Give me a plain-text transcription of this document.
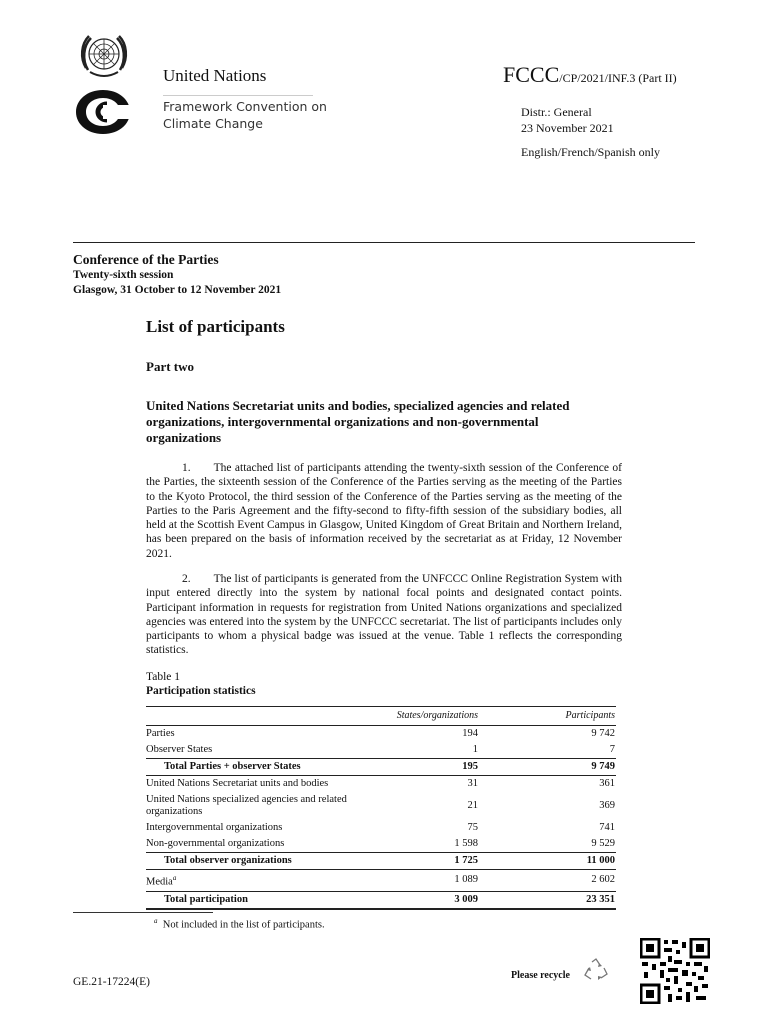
United Nations
Framework Convention on
Climate Change
FCCC/CP/2021/INF.3 (Part II)
Distr.: General
23 November 2021
English/French/Spanish only
Conference of the Parties
Twenty-sixth session
Glasgow, 31 October to 12 November 2021
List of participants
Part two
United Nations Secretariat units and bodies, specialized agencies and related organizations, intergovernmental organizations and non-governmental organizations
1.  The attached list of participants attending the twenty-sixth session of the Conference of the Parties, the sixteenth session of the Conference of the Parties serving as the meeting of the Parties to the Kyoto Protocol, the third session of the Conference of the Parties serving as the meeting of the Parties to the Paris Agreement and the fifty-second to fifty-fifth session of the subsidiary bodies, all held at the Scottish Event Campus in Glasgow, United Kingdom of Great Britain and Northern Ireland, has been prepared on the basis of information received by the secretariat as at Friday, 12 November 2021.
2.  The list of participants is generated from the UNFCCC Online Registration System with input entered directly into the system by national focal points and designated contact points. Participant information in requests for registration from United Nations organizations and specialized agencies was entered into the system by the UNFCCC secretariat. The list of participants includes only participants to whom a physical badge was issued at the venue. Table 1 reflects the corresponding statistics.
Table 1
Participation statistics
	States/organizations	Participants
Parties	194	9 742
Observer States	1	7
Total Parties + observer States	195	9 749
United Nations Secretariat units and bodies	31	361
United Nations specialized agencies and related organizations	21	369
Intergovernmental organizations	75	741
Non-governmental organizations	1 598	9 529
Total observer organizations	1 725	11 000
Media$^a$	1 089	2 602
Total participation	3 009	23 351
$^a$ Not included in the list of participants.
GE.21-17224(E)
Please recycle
